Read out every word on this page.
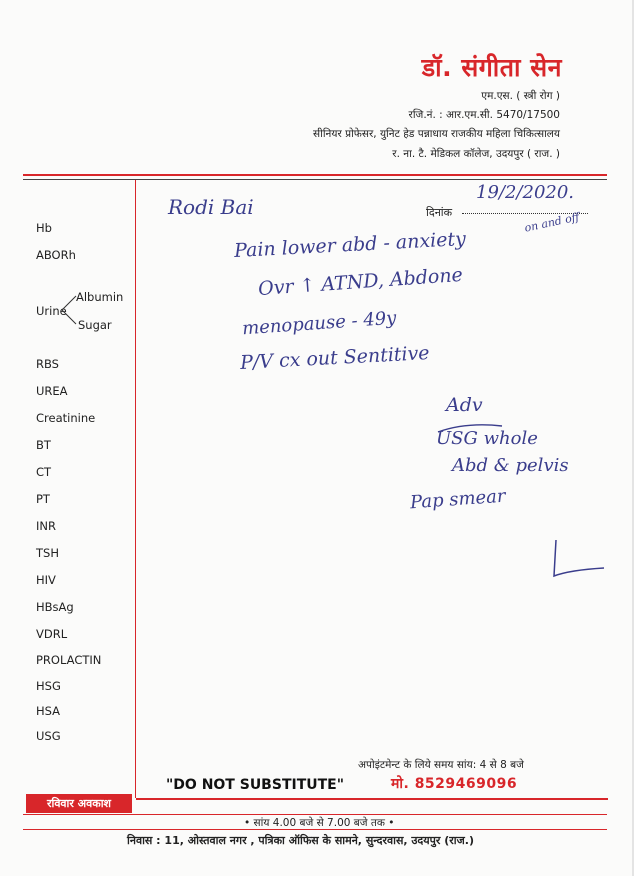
डॉ. संगीता सेन
एम.एस. ( स्त्री रोग )
रजि.नं. : आर.एम.सी. 5470/17500
सीनियर प्रोफेसर, युनिट हेड पन्नाधाय राजकीय महिला चिकित्सालय
र. ना. टै. मेडिकल कॉलेज, उदयपुर ( राज. )
Hb
ABORh
RBS
UREA
Creatinine
BT
CT
PT
INR
TSH
HIV
HBsAg
VDRL
PROLACTIN
HSG
HSA
USG
Urine
Albumin
Sugar
दिनांक
Rodi Bai
19/2/2020.
Pain lower abd - anxiety
on and off
Ovr ↑ ATND, Abdone
menopause - 49y
P/V cx out Sentitive
Adv
USG whole
Abd & pelvis
Pap smear
अपोइंटमेन्ट के लिये समय सांय: 4 से 8 बजे
मो. 8529469096
"DO NOT SUBSTITUTE"
रविवार अवकाश
• सांय 4.00 बजे से 7.00 बजे तक •
निवास : 11, ओस्तवाल नगर , पत्रिका ऑफिस के सामने, सुन्दरवास, उदयपुर (राज.)
